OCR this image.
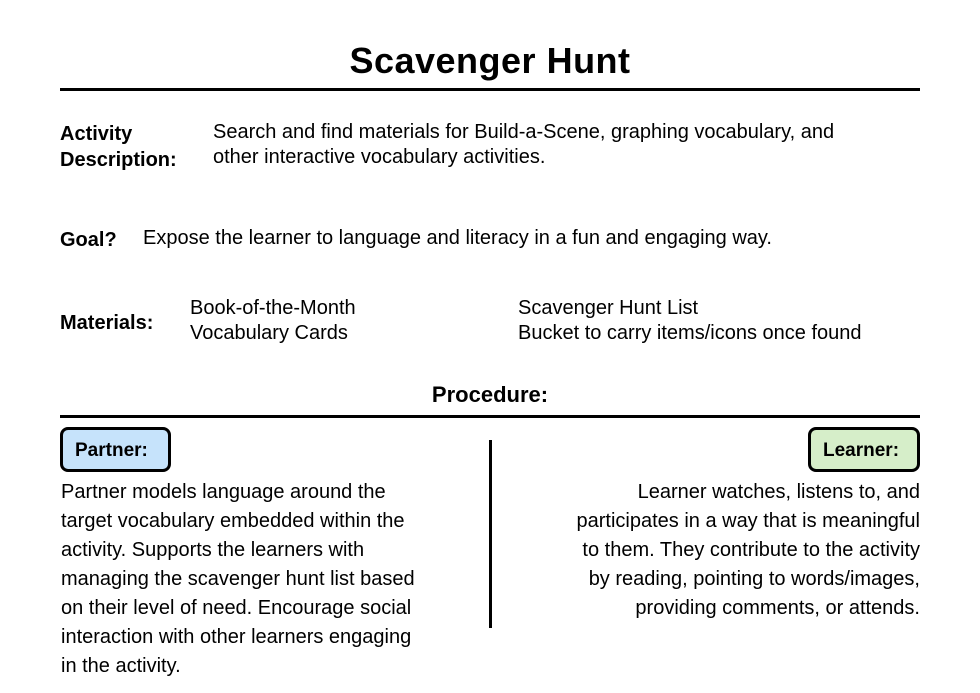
Scavenger Hunt
Activity
Description:
Search and find materials for Build-a-Scene, graphing vocabulary, and
other interactive vocabulary activities.
Goal? Expose the learner to language and literacy in a fun and engaging way.
Materials:
Book-of-the-Month
Vocabulary Cards
Scavenger Hunt List
Bucket to carry items/icons once found
Procedure:
Partner:	Learner:
Partner models language around the
target vocabulary embedded within the
activity. Supports the learners with
managing the scavenger hunt list based
on their level of need. Encourage social
interaction with other learners engaging
in the activity.
Learner watches, listens to, and
participates in a way that is meaningful
to them. They contribute to the activity
by reading, pointing to words/images,
providing comments, or attends.
